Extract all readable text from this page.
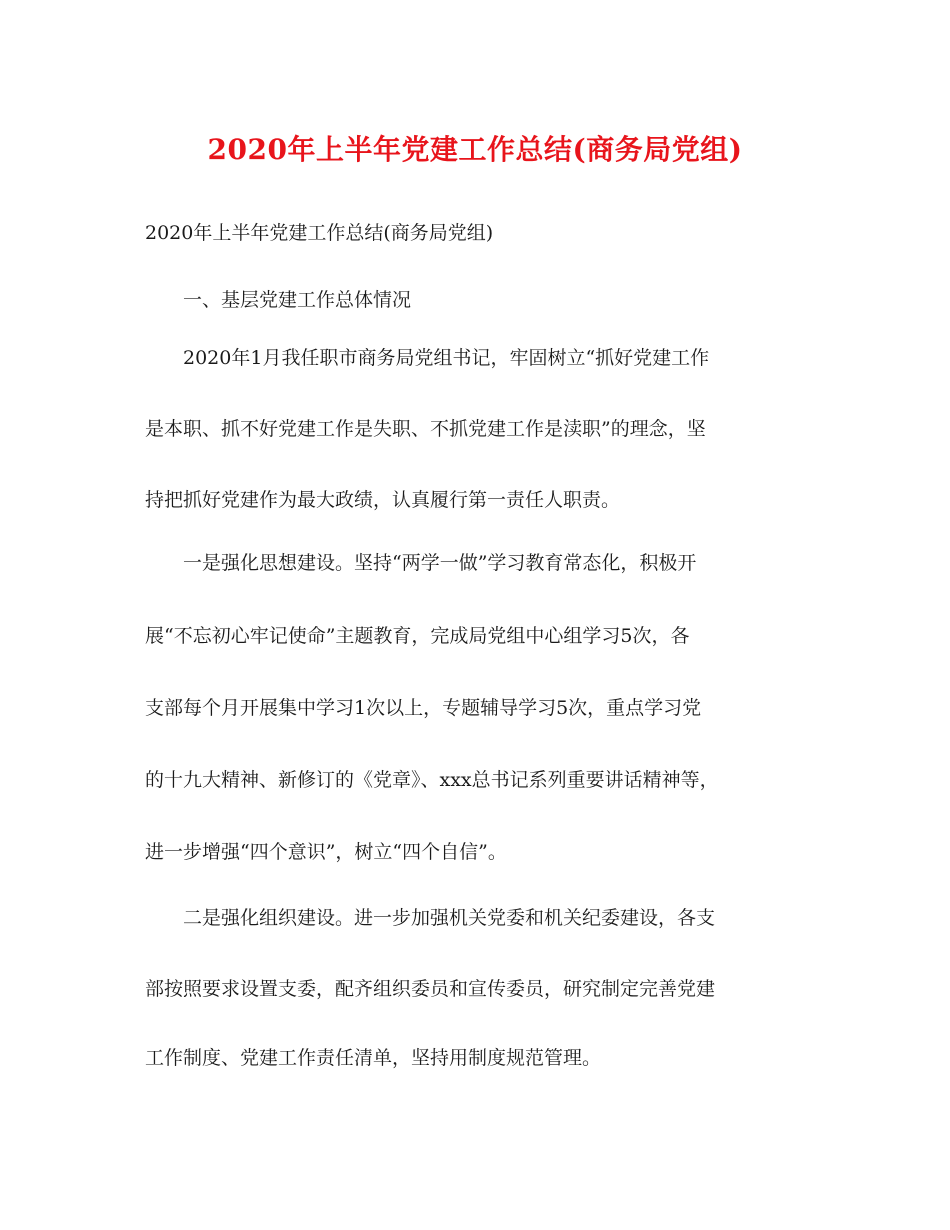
2020年上半年党建工作总结(商务局党组)
2020年上半年党建工作总结(商务局党组)
一、基层党建工作总体情况
2020年1月我任职市商务局党组书记，牢固树立“抓好党建工作
是本职、抓不好党建工作是失职、不抓党建工作是渎职”的理念，坚
持把抓好党建作为最大政绩，认真履行第一责任人职责。
一是强化思想建设。坚持“两学一做”学习教育常态化，积极开
展“不忘初心牢记使命”主题教育，完成局党组中心组学习5次，各
支部每个月开展集中学习1次以上，专题辅导学习5次，重点学习党
的十九大精神、新修订的《党章》、xxx总书记系列重要讲话精神等，
进一步增强“四个意识”，树立“四个自信”。
二是强化组织建设。进一步加强机关党委和机关纪委建设，各支
部按照要求设置支委，配齐组织委员和宣传委员，研究制定完善党建
工作制度、党建工作责任清单，坚持用制度规范管理。
